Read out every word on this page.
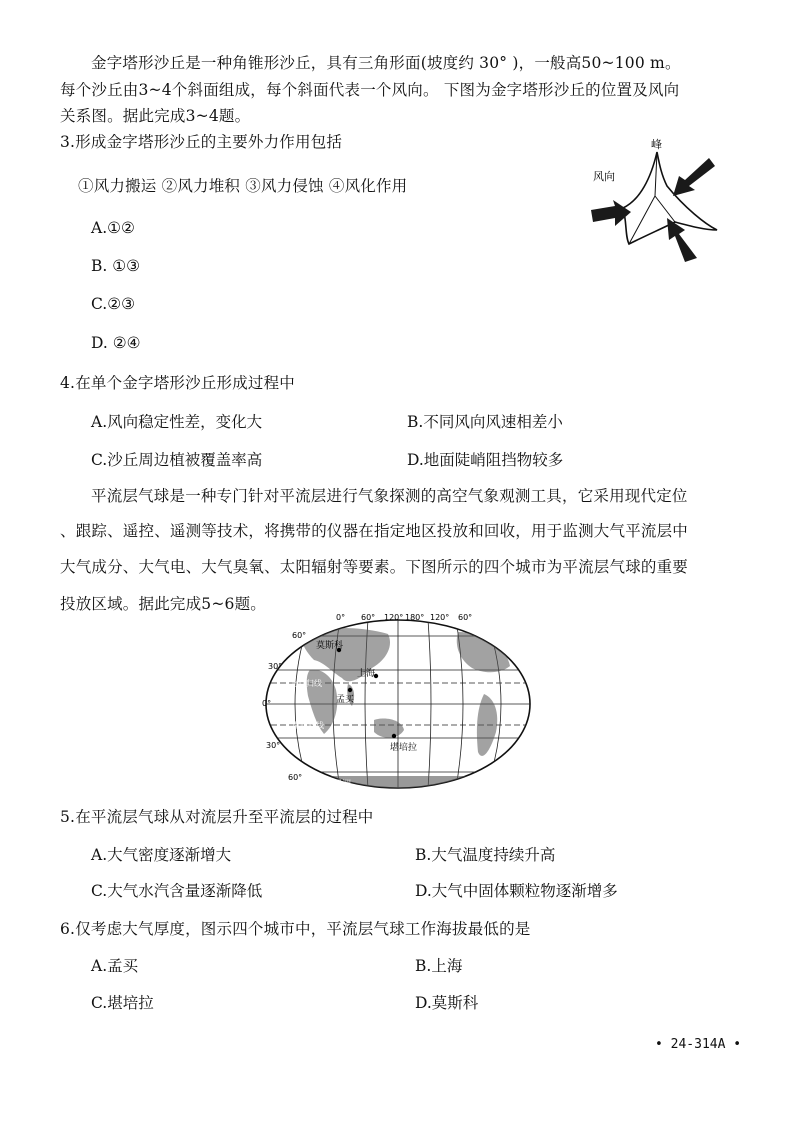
金字塔形沙丘是一种角锥形沙丘，具有三角形面(坡度约 30° )，一般高50~100 m。
每个沙丘由3~4个斜面组成，每个斜面代表一个风向。 下图为金字塔形沙丘的位置及风向
关系图。据此完成3~4题。
3.形成金字塔形沙丘的主要外力作用包括
①风力搬运 ②风力堆积 ③风力侵蚀 ④风化作用
A.①②
B. ①③
C.②③
D. ②④
风向
峰
4.在单个金字塔形沙丘形成过程中
A.风向稳定性差，变化大	B.不同风向风速相差小
C.沙丘周边植被覆盖率高	D.地面陡峭阻挡物较多
平流层气球是一种专门针对平流层进行气象探测的高空气象观测工具，它采用现代定位
、跟踪、遥控、遥测等技术，将携带的仪器在指定地区投放和回收，用于监测大气平流层中
大气成分、大气电、大气臭氧、太阳辐射等要素。下图所示的四个城市为平流层气球的重要
投放区域。据此完成5~6题。
0° 60° 120° 180° 120° 60°
60°
30°
0°
30°
60°
莫斯科
上海
孟买
堪培拉
北回归线
南回归线
南极洲
5.在平流层气球从对流层升至平流层的过程中
A.大气密度逐渐增大	B.大气温度持续升高
C.大气水汽含量逐渐降低	D.大气中固体颗粒物逐渐增多
6.仅考虑大气厚度，图示四个城市中，平流层气球工作海拔最低的是
A.孟买	B.上海
C.堪培拉	D.莫斯科
• 24-314A •
